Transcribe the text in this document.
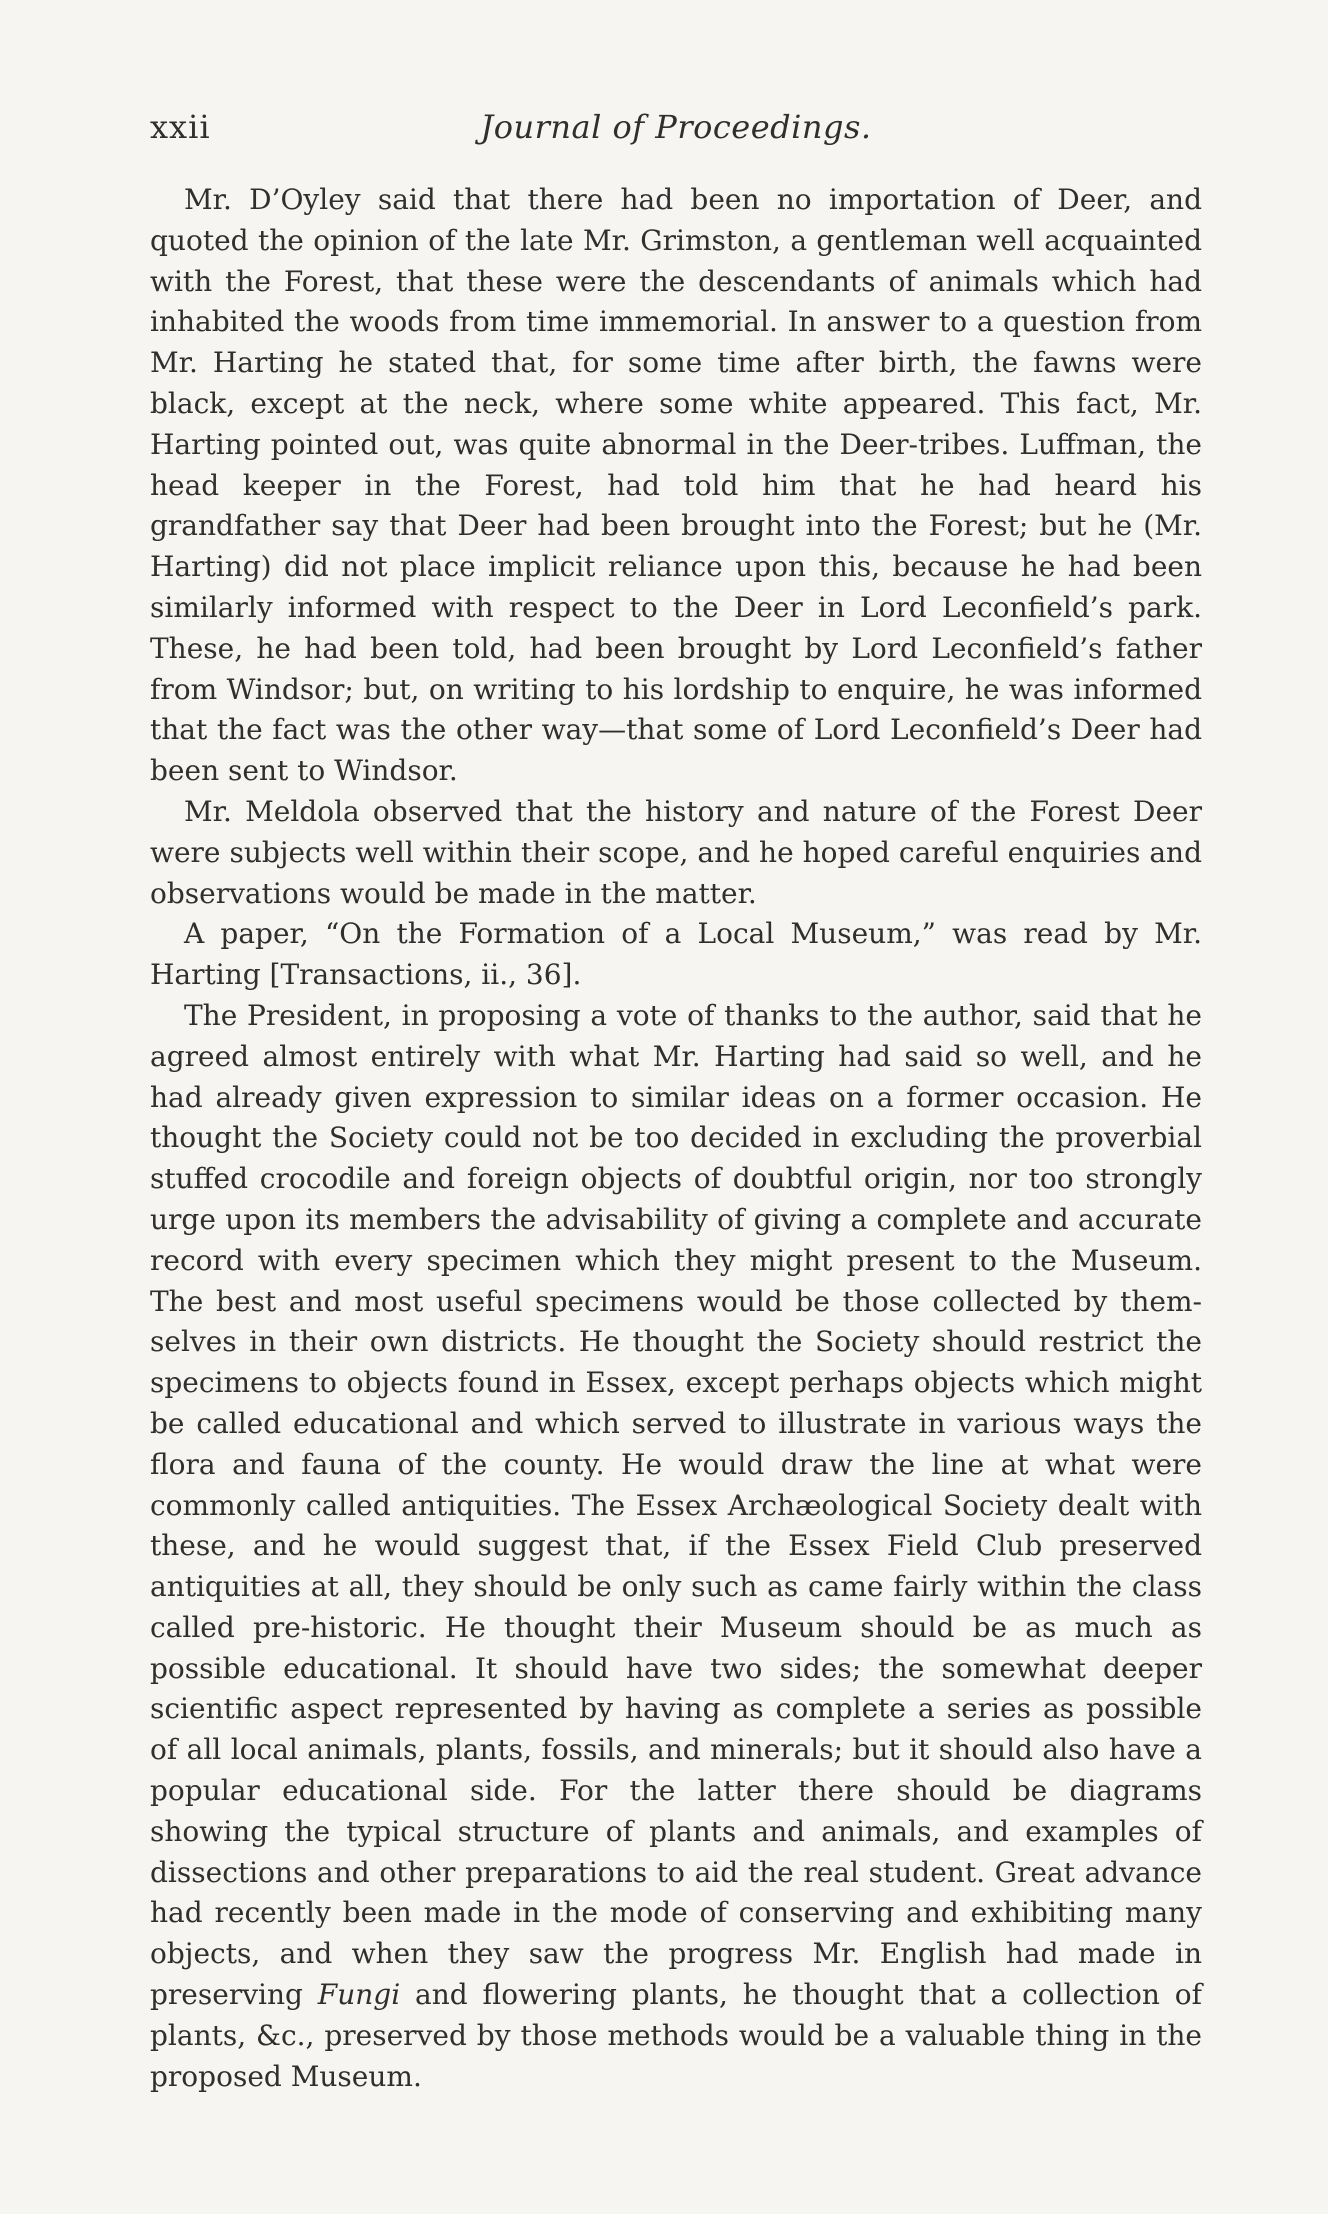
xxii	Journal of Proceedings.

Mr. D’Oyley said that there had been no importation of Deer, and quoted the opinion of the late Mr. Grimston, a gentleman well acquainted with the Forest, that these were the descendants of animals which had inhabited the woods from time immemorial. In answer to a question from Mr. Harting he stated that, for some time after birth, the fawns were black, except at the neck, where some white appeared. This fact, Mr. Harting pointed out, was quite abnormal in the Deer-tribes. Luffman, the head keeper in the Forest, had told him that he had heard his grandfather say that Deer had been brought into the Forest; but he (Mr. Harting) did not place implicit reliance upon this, because he had been similarly informed with respect to the Deer in Lord Leconfield’s park. These, he had been told, had been brought by Lord Leconfield’s father from Windsor; but, on writing to his lordship to enquire, he was informed that the fact was the other way—that some of Lord Leconfield’s Deer had been sent to Windsor.

Mr. Meldola observed that the history and nature of the Forest Deer were subjects well within their scope, and he hoped careful enquiries and observations would be made in the matter.

A paper, “On the Formation of a Local Museum,” was read by Mr. Harting [Transactions, ii., 36].

The President, in proposing a vote of thanks to the author, said that he agreed almost entirely with what Mr. Harting had said so well, and he had already given expression to similar ideas on a former occasion. He thought the Society could not be too decided in excluding the proverbial stuffed crocodile and foreign objects of doubtful origin, nor too strongly urge upon its members the advisability of giving a complete and accurate record with every specimen which they might present to the Museum. The best and most useful specimens would be those collected by themselves in their own districts. He thought the Society should restrict the specimens to objects found in Essex, except perhaps objects which might be called educational and which served to illustrate in various ways the flora and fauna of the county. He would draw the line at what were commonly called antiquities. The Essex Archæological Society dealt with these, and he would suggest that, if the Essex Field Club preserved antiquities at all, they should be only such as came fairly within the class called pre-historic. He thought their Museum should be as much as possible educational. It should have two sides; the somewhat deeper scientific aspect represented by having as complete a series as possible of all local animals, plants, fossils, and minerals; but it should also have a popular educational side. For the latter there should be diagrams showing the typical structure of plants and animals, and examples of dissections and other preparations to aid the real student. Great advance had recently been made in the mode of conserving and exhibiting many objects, and when they saw the progress Mr. English had made in preserving Fungi and flowering plants, he thought that a collection of plants, &c., preserved by those methods would be a valuable thing in the proposed Museum.
